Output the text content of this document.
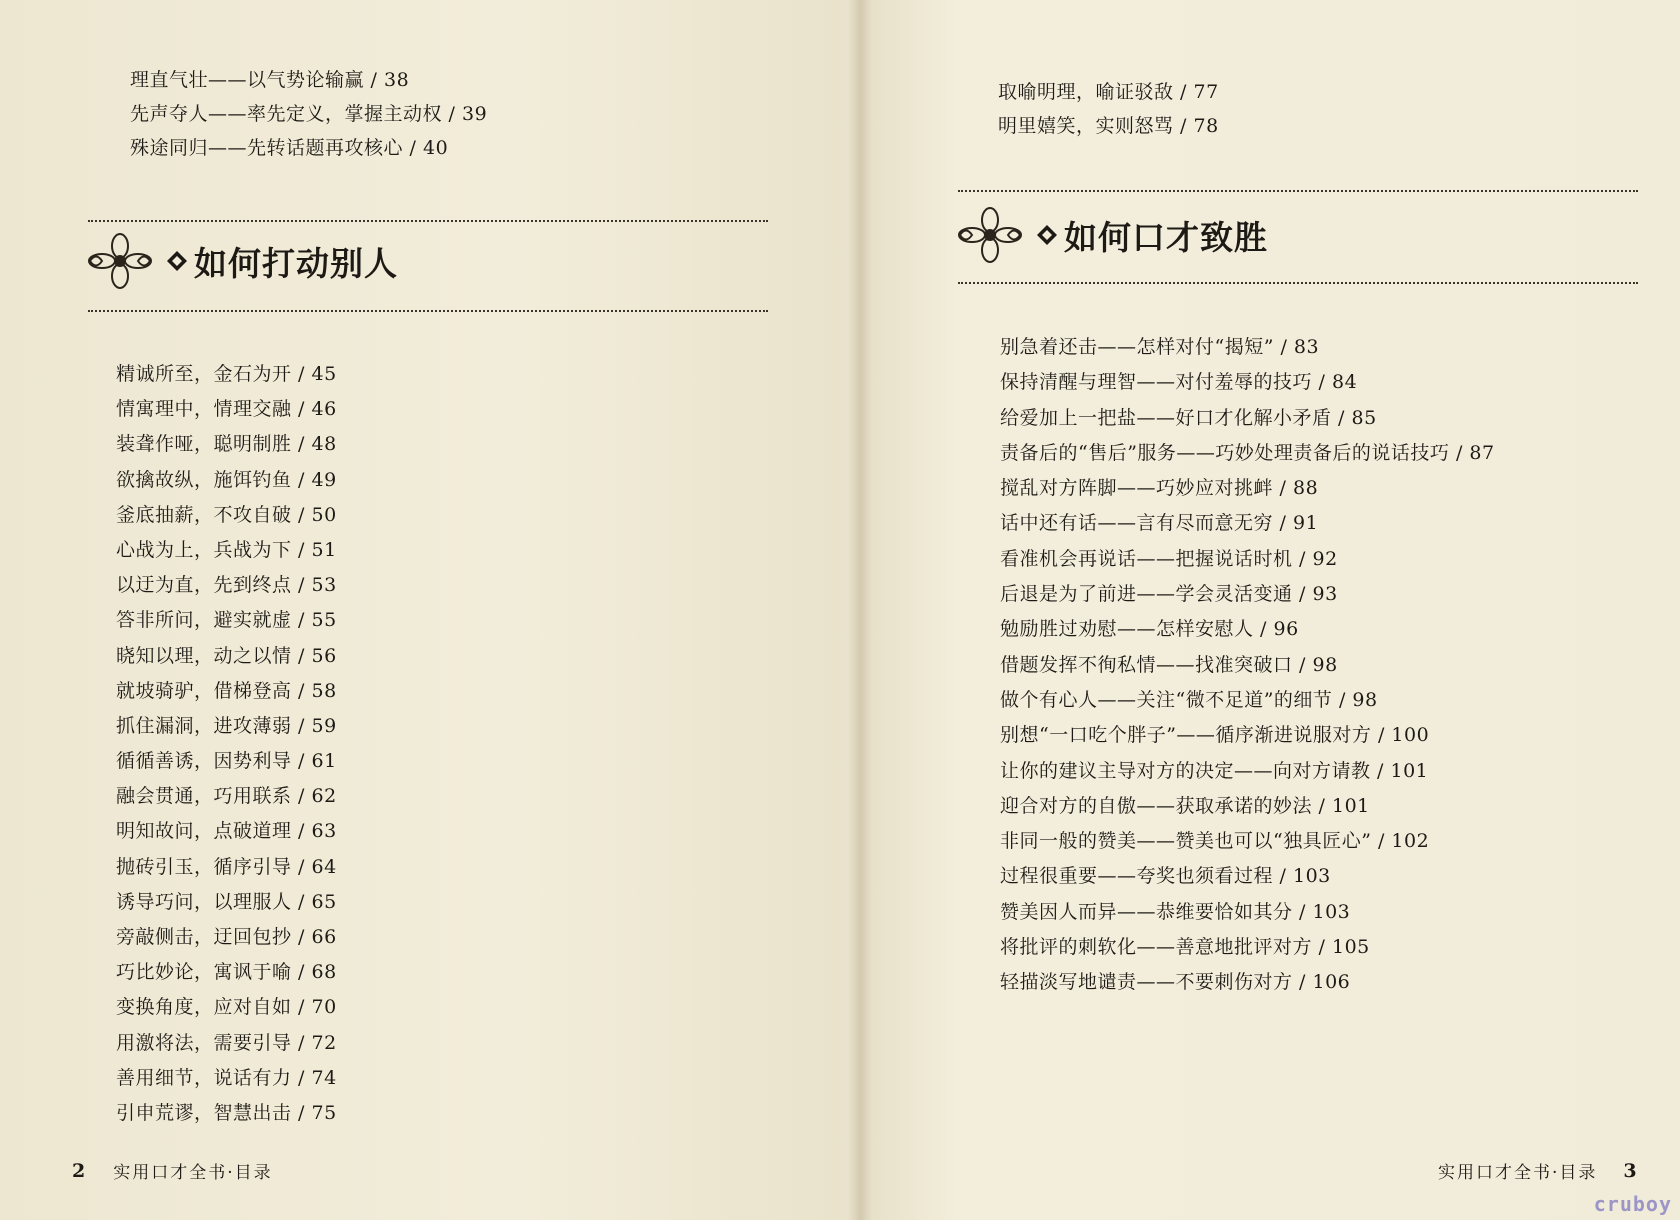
理直气壮——以气势论输赢 / 38
先声夺人——率先定义，掌握主动权 / 39
殊途同归——先转话题再攻核心 / 40
如何打动别人
精诚所至，金石为开 / 45
情寓理中，情理交融 / 46
装聋作哑，聪明制胜 / 48
欲擒故纵，施饵钓鱼 / 49
釜底抽薪，不攻自破 / 50
心战为上，兵战为下 / 51
以迂为直，先到终点 / 53
答非所问，避实就虚 / 55
晓知以理，动之以情 / 56
就坡骑驴，借梯登高 / 58
抓住漏洞，进攻薄弱 / 59
循循善诱，因势利导 / 61
融会贯通，巧用联系 / 62
明知故问，点破道理 / 63
抛砖引玉，循序引导 / 64
诱导巧问，以理服人 / 65
旁敲侧击，迂回包抄 / 66
巧比妙论，寓讽于喻 / 68
变换角度，应对自如 / 70
用激将法，需要引导 / 72
善用细节，说话有力 / 74
引申荒谬，智慧出击 / 75
2 实用口才全书·目录
取喻明理，喻证驳敌 / 77
明里嬉笑，实则怒骂 / 78
如何口才致胜
别急着还击——怎样对付“揭短” / 83
保持清醒与理智——对付羞辱的技巧 / 84
给爱加上一把盐——好口才化解小矛盾 / 85
责备后的“售后”服务——巧妙处理责备后的说话技巧 / 87
搅乱对方阵脚——巧妙应对挑衅 / 88
话中还有话——言有尽而意无穷 / 91
看准机会再说话——把握说话时机 / 92
后退是为了前进——学会灵活变通 / 93
勉励胜过劝慰——怎样安慰人 / 96
借题发挥不徇私情——找准突破口 / 98
做个有心人——关注“微不足道”的细节 / 98
别想“一口吃个胖子”——循序渐进说服对方 / 100
让你的建议主导对方的决定——向对方请教 / 101
迎合对方的自傲——获取承诺的妙法 / 101
非同一般的赞美——赞美也可以“独具匠心” / 102
过程很重要——夸奖也须看过程 / 103
赞美因人而异——恭维要恰如其分 / 103
将批评的刺软化——善意地批评对方 / 105
轻描淡写地谴责——不要刺伤对方 / 106
实用口才全书·目录 3
cruboy
